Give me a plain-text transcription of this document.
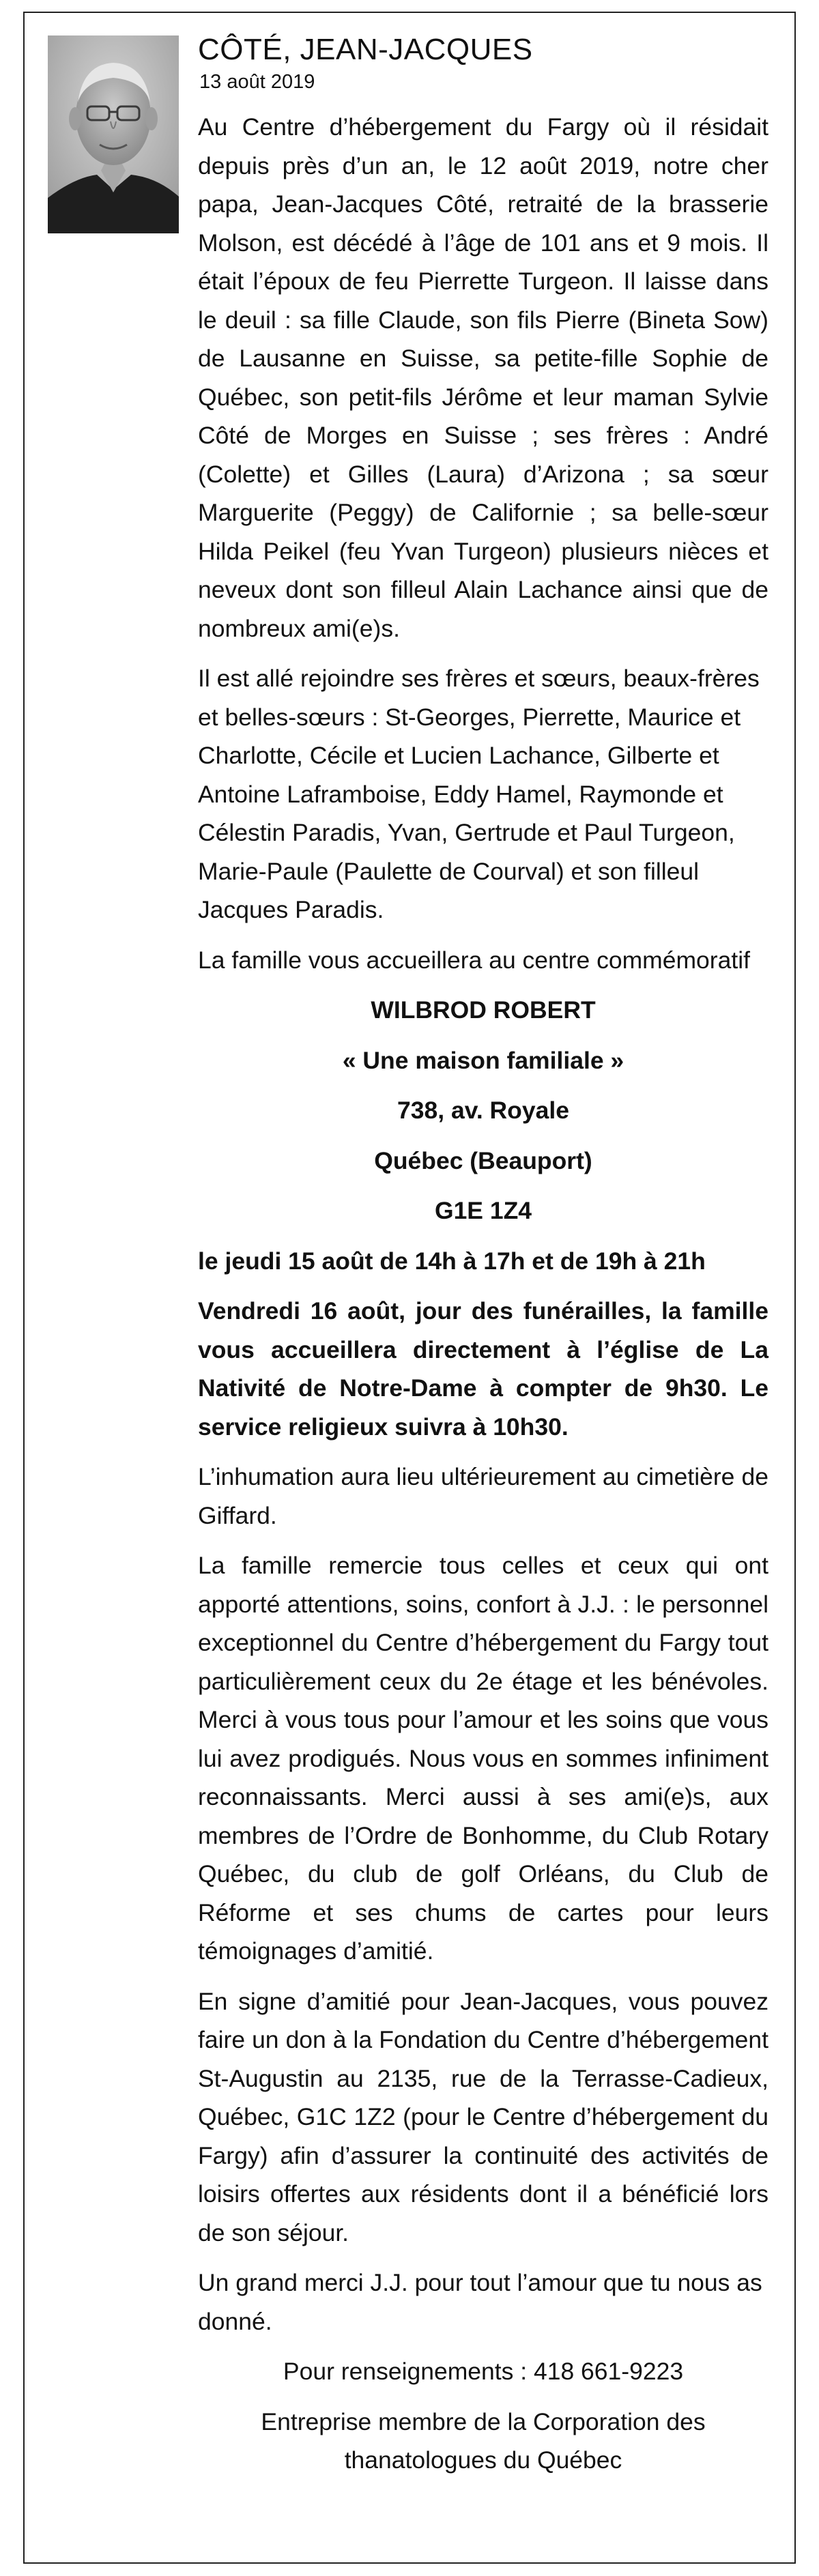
CÔTÉ, JEAN-JACQUES
13 août 2019

Au Centre d’hébergement du Fargy où il résidait depuis près d’un an, le 12 août 2019, notre cher papa, Jean-Jacques Côté, retraité de la brasserie Molson, est décédé à l’âge de 101 ans et 9 mois. Il était l’époux de feu Pierrette Turgeon. Il laisse dans le deuil : sa fille Claude, son fils Pierre (Bineta Sow) de Lausanne en Suisse, sa petite-fille Sophie de Québec, son petit-fils Jérôme et leur maman Sylvie Côté de Morges en Suisse ; ses frères : André (Colette) et Gilles (Laura) d’Arizona ; sa sœur Marguerite (Peggy) de Californie ; sa belle-sœur Hilda Peikel (feu Yvan Turgeon) plusieurs nièces et neveux dont son filleul Alain Lachance ainsi que de nombreux ami(e)s.

Il est allé rejoindre ses frères et sœurs, beaux-frères et belles-sœurs : St-Georges, Pierrette, Maurice et Charlotte, Cécile et Lucien Lachance, Gilberte et Antoine Laframboise, Eddy Hamel, Raymonde et Célestin Paradis, Yvan, Gertrude et Paul Turgeon, Marie-Paule (Paulette de Courval) et son filleul Jacques Paradis.

La famille vous accueillera au centre commémoratif

WILBROD ROBERT

« Une maison familiale »

738, av. Royale

Québec (Beauport)

G1E 1Z4

le jeudi 15 août de 14h à 17h et de 19h à 21h

Vendredi 16 août, jour des funérailles, la famille vous accueillera directement à l’église de La Nativité de Notre-Dame à compter de 9h30. Le service religieux suivra à 10h30.

L’inhumation aura lieu ultérieurement au cimetière de Giffard.

La famille remercie tous celles et ceux qui ont apporté attentions, soins, confort à J.J. : le personnel exceptionnel du Centre d’hébergement du Fargy tout particulièrement ceux du 2e étage et les bénévoles. Merci à vous tous pour l’amour et les soins que vous lui avez prodigués. Nous vous en sommes infiniment reconnaissants. Merci aussi à ses ami(e)s, aux membres de l’Ordre de Bonhomme, du Club Rotary Québec, du club de golf Orléans, du Club de Réforme et ses chums de cartes pour leurs témoignages d’amitié.

En signe d’amitié pour Jean-Jacques, vous pouvez faire un don à la Fondation du Centre d’hébergement St-Augustin au 2135, rue de la Terrasse-Cadieux, Québec, G1C 1Z2 (pour le Centre d’hébergement du Fargy) afin d’assurer la continuité des activités de loisirs offertes aux résidents dont il a bénéficié lors de son séjour.

Un grand merci J.J. pour tout l’amour que tu nous as donné.

Pour renseignements : 418 661-9223

Entreprise membre de la Corporation des thanatologues du Québec
